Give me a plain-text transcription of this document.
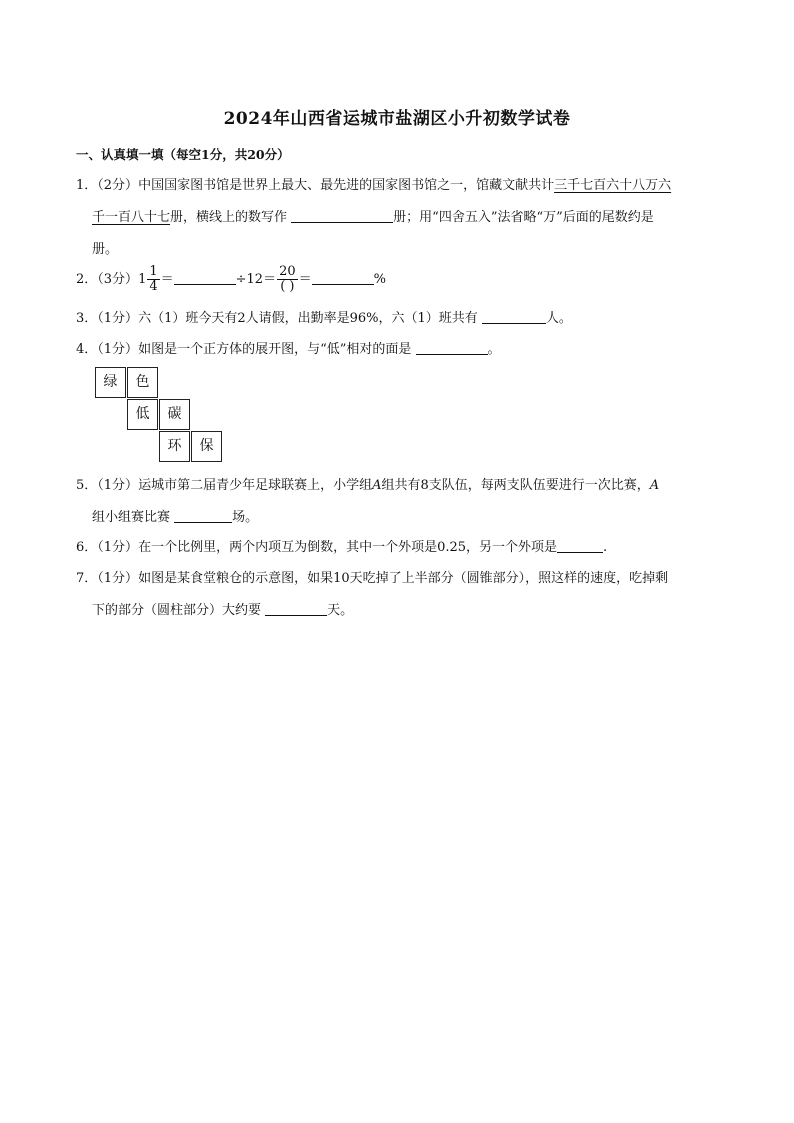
2024年山西省运城市盐湖区小升初数学试卷
一、认真填一填（每空1分，共20分）
1．（2分）中国国家图书馆是世界上最大、最先进的国家图书馆之一，馆藏文献共计三千七百六十八万六
千一百八十七册，横线上的数写作	册；用“四舍五入”法省略“万”后面的尾数约是
册。
2．（3分）$1 \frac{1}{4}$ ＝	$\div 12= \frac{20}{( )}$ ＝	%
3．（1分）六（1）班今天有2人请假，出勤率是96%，六（1）班共有	人。
4．（1分）如图是一个正方体的展开图，与“低”相对的面是	。
绿	色
低	碳
环	保
5．（1分）运城市第二届青少年足球联赛上，小学组A组共有8支队伍，每两支队伍要进行一次比赛，A
组小组赛比赛	场。
6．（1分）在一个比例里，两个内项互为倒数，其中一个外项是0.25，另一个外项是	.
7．（1分）如图是某食堂粮仓的示意图，如果10天吃掉了上半部分（圆锥部分），照这样的速度，吃掉剩
下的部分（圆柱部分）大约要	天。
